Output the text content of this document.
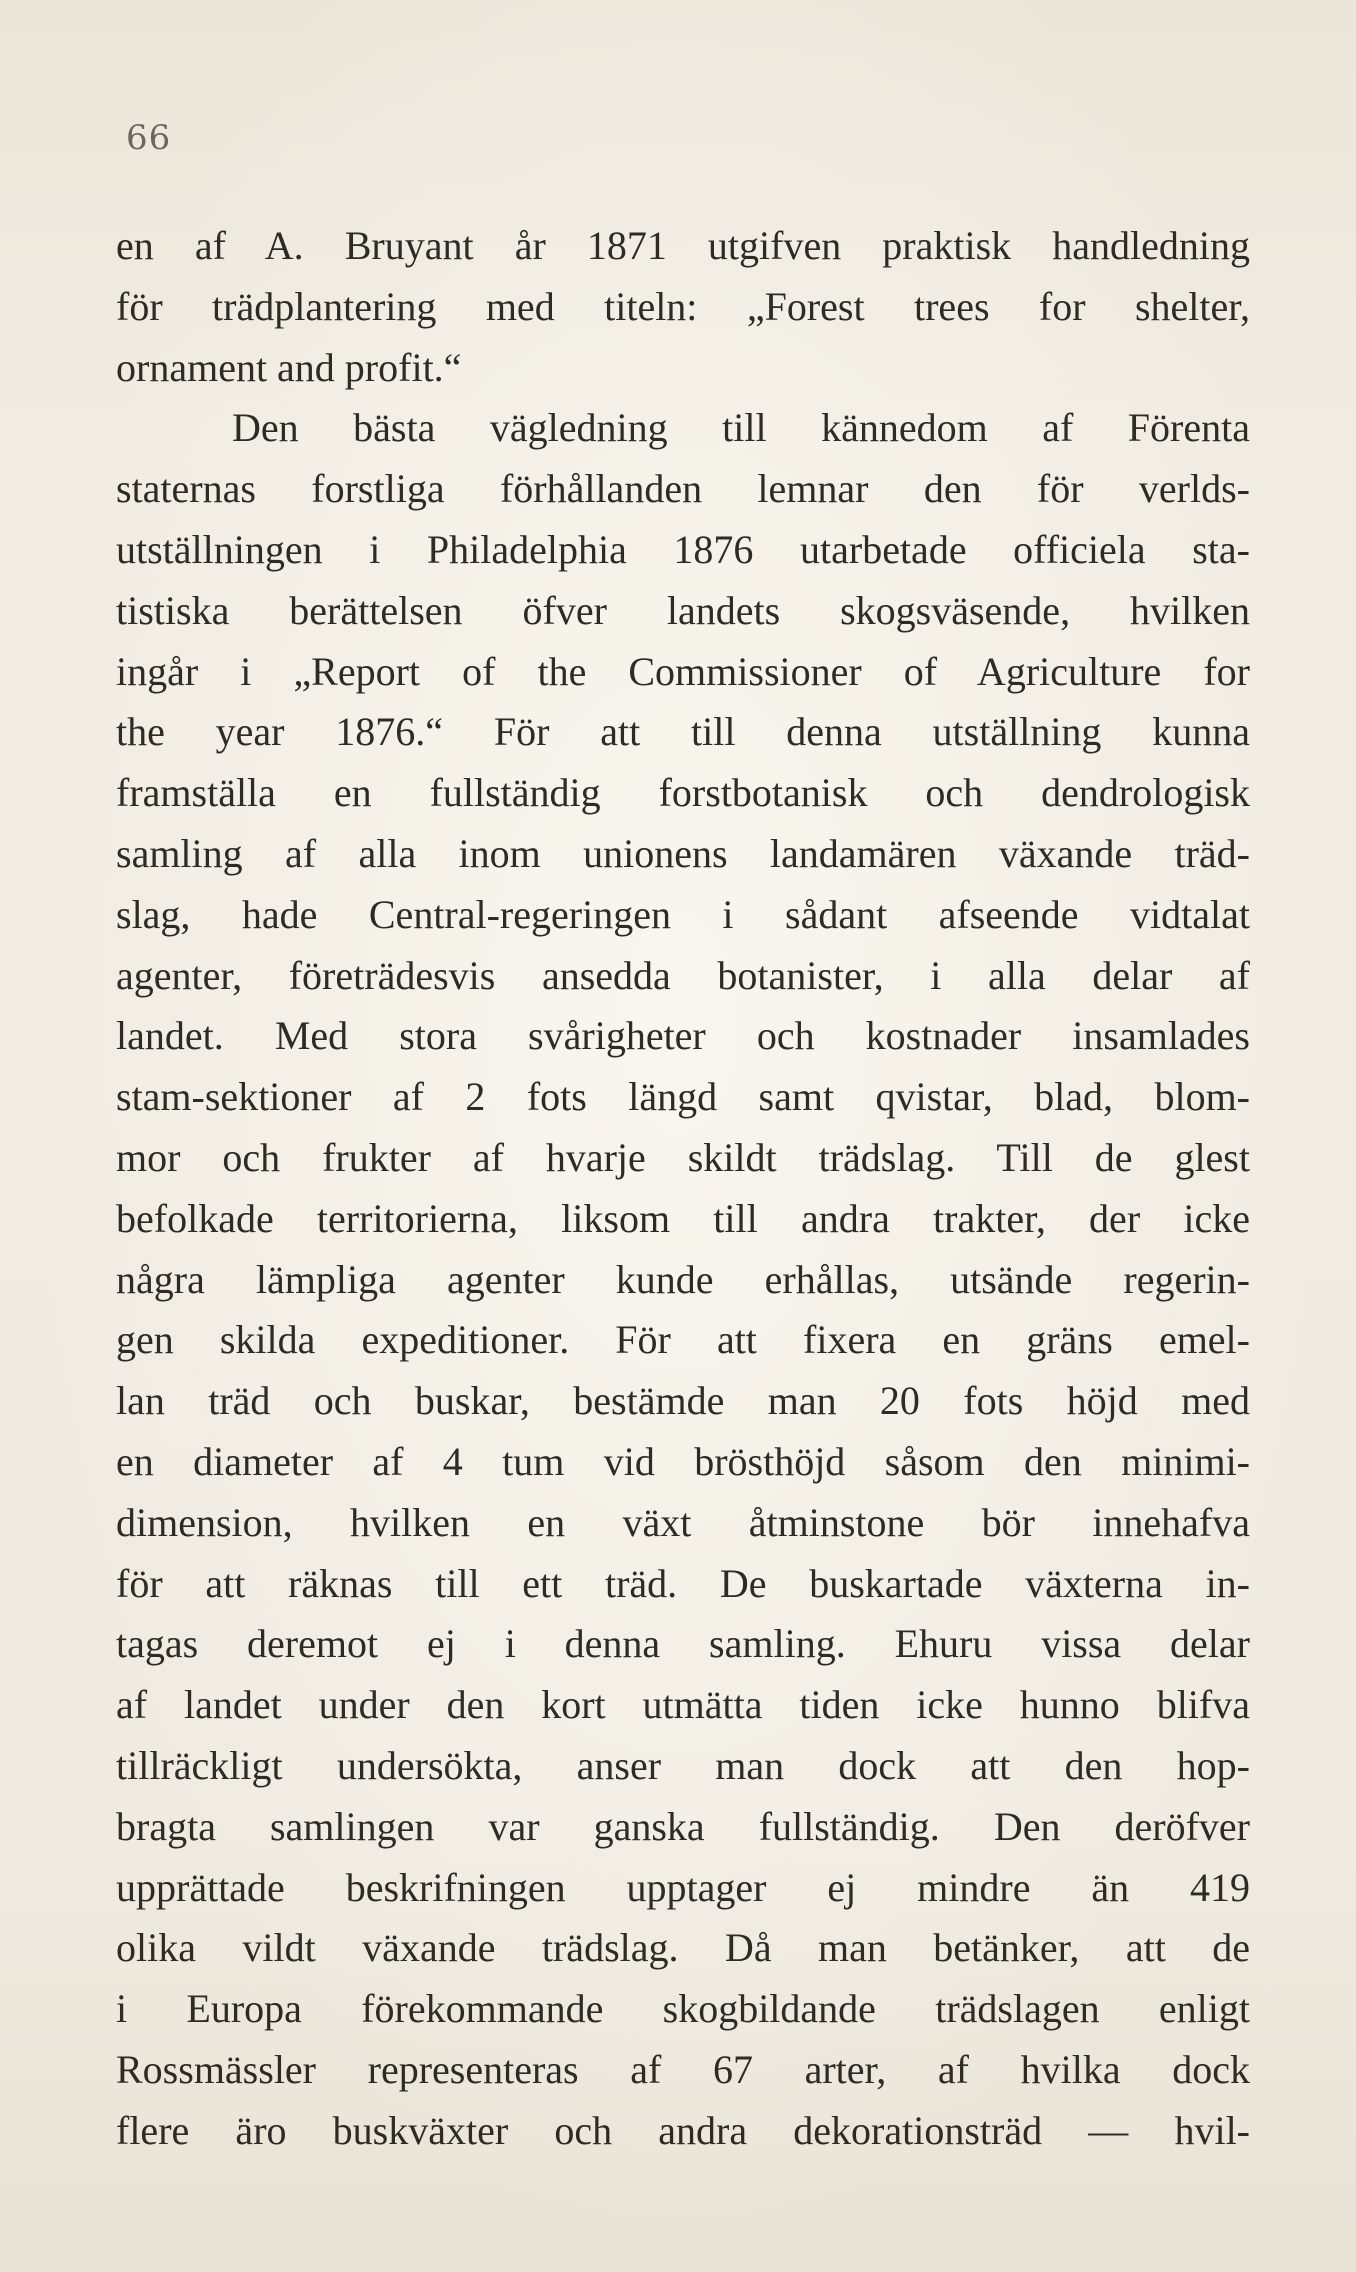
66
en af A. Bruyant år 1871 utgifven praktisk handledning
för trädplantering med titeln: „Forest trees for shelter,
ornament and profit.“
Den bästa vägledning till kännedom af Förenta
staternas forstliga förhållanden lemnar den för verlds-
utställningen i Philadelphia 1876 utarbetade officiela sta-
tistiska berättelsen öfver landets skogsväsende, hvilken
ingår i „Report of the Commissioner of Agriculture for
the year 1876.“ För att till denna utställning kunna
framställa en fullständig forstbotanisk och dendrologisk
samling af alla inom unionens landamären växande träd-
slag, hade Central-regeringen i sådant afseende vidtalat
agenter, företrädesvis ansedda botanister, i alla delar af
landet. Med stora svårigheter och kostnader insamlades
stam-sektioner af 2 fots längd samt qvistar, blad, blom-
mor och frukter af hvarje skildt trädslag. Till de glest
befolkade territorierna, liksom till andra trakter, der icke
några lämpliga agenter kunde erhållas, utsände regerin-
gen skilda expeditioner. För att fixera en gräns emel-
lan träd och buskar, bestämde man 20 fots höjd med
en diameter af 4 tum vid brösthöjd såsom den minimi-
dimension, hvilken en växt åtminstone bör innehafva
för att räknas till ett träd. De buskartade växterna in-
tagas deremot ej i denna samling. Ehuru vissa delar
af landet under den kort utmätta tiden icke hunno blifva
tillräckligt undersökta, anser man dock att den hop-
bragta samlingen var ganska fullständig. Den deröfver
upprättade beskrifningen upptager ej mindre än 419
olika vildt växande trädslag. Då man betänker, att de
i Europa förekommande skogbildande trädslagen enligt
Rossmässler representeras af 67 arter, af hvilka dock
flere äro buskväxter och andra dekorationsträd — hvil-
